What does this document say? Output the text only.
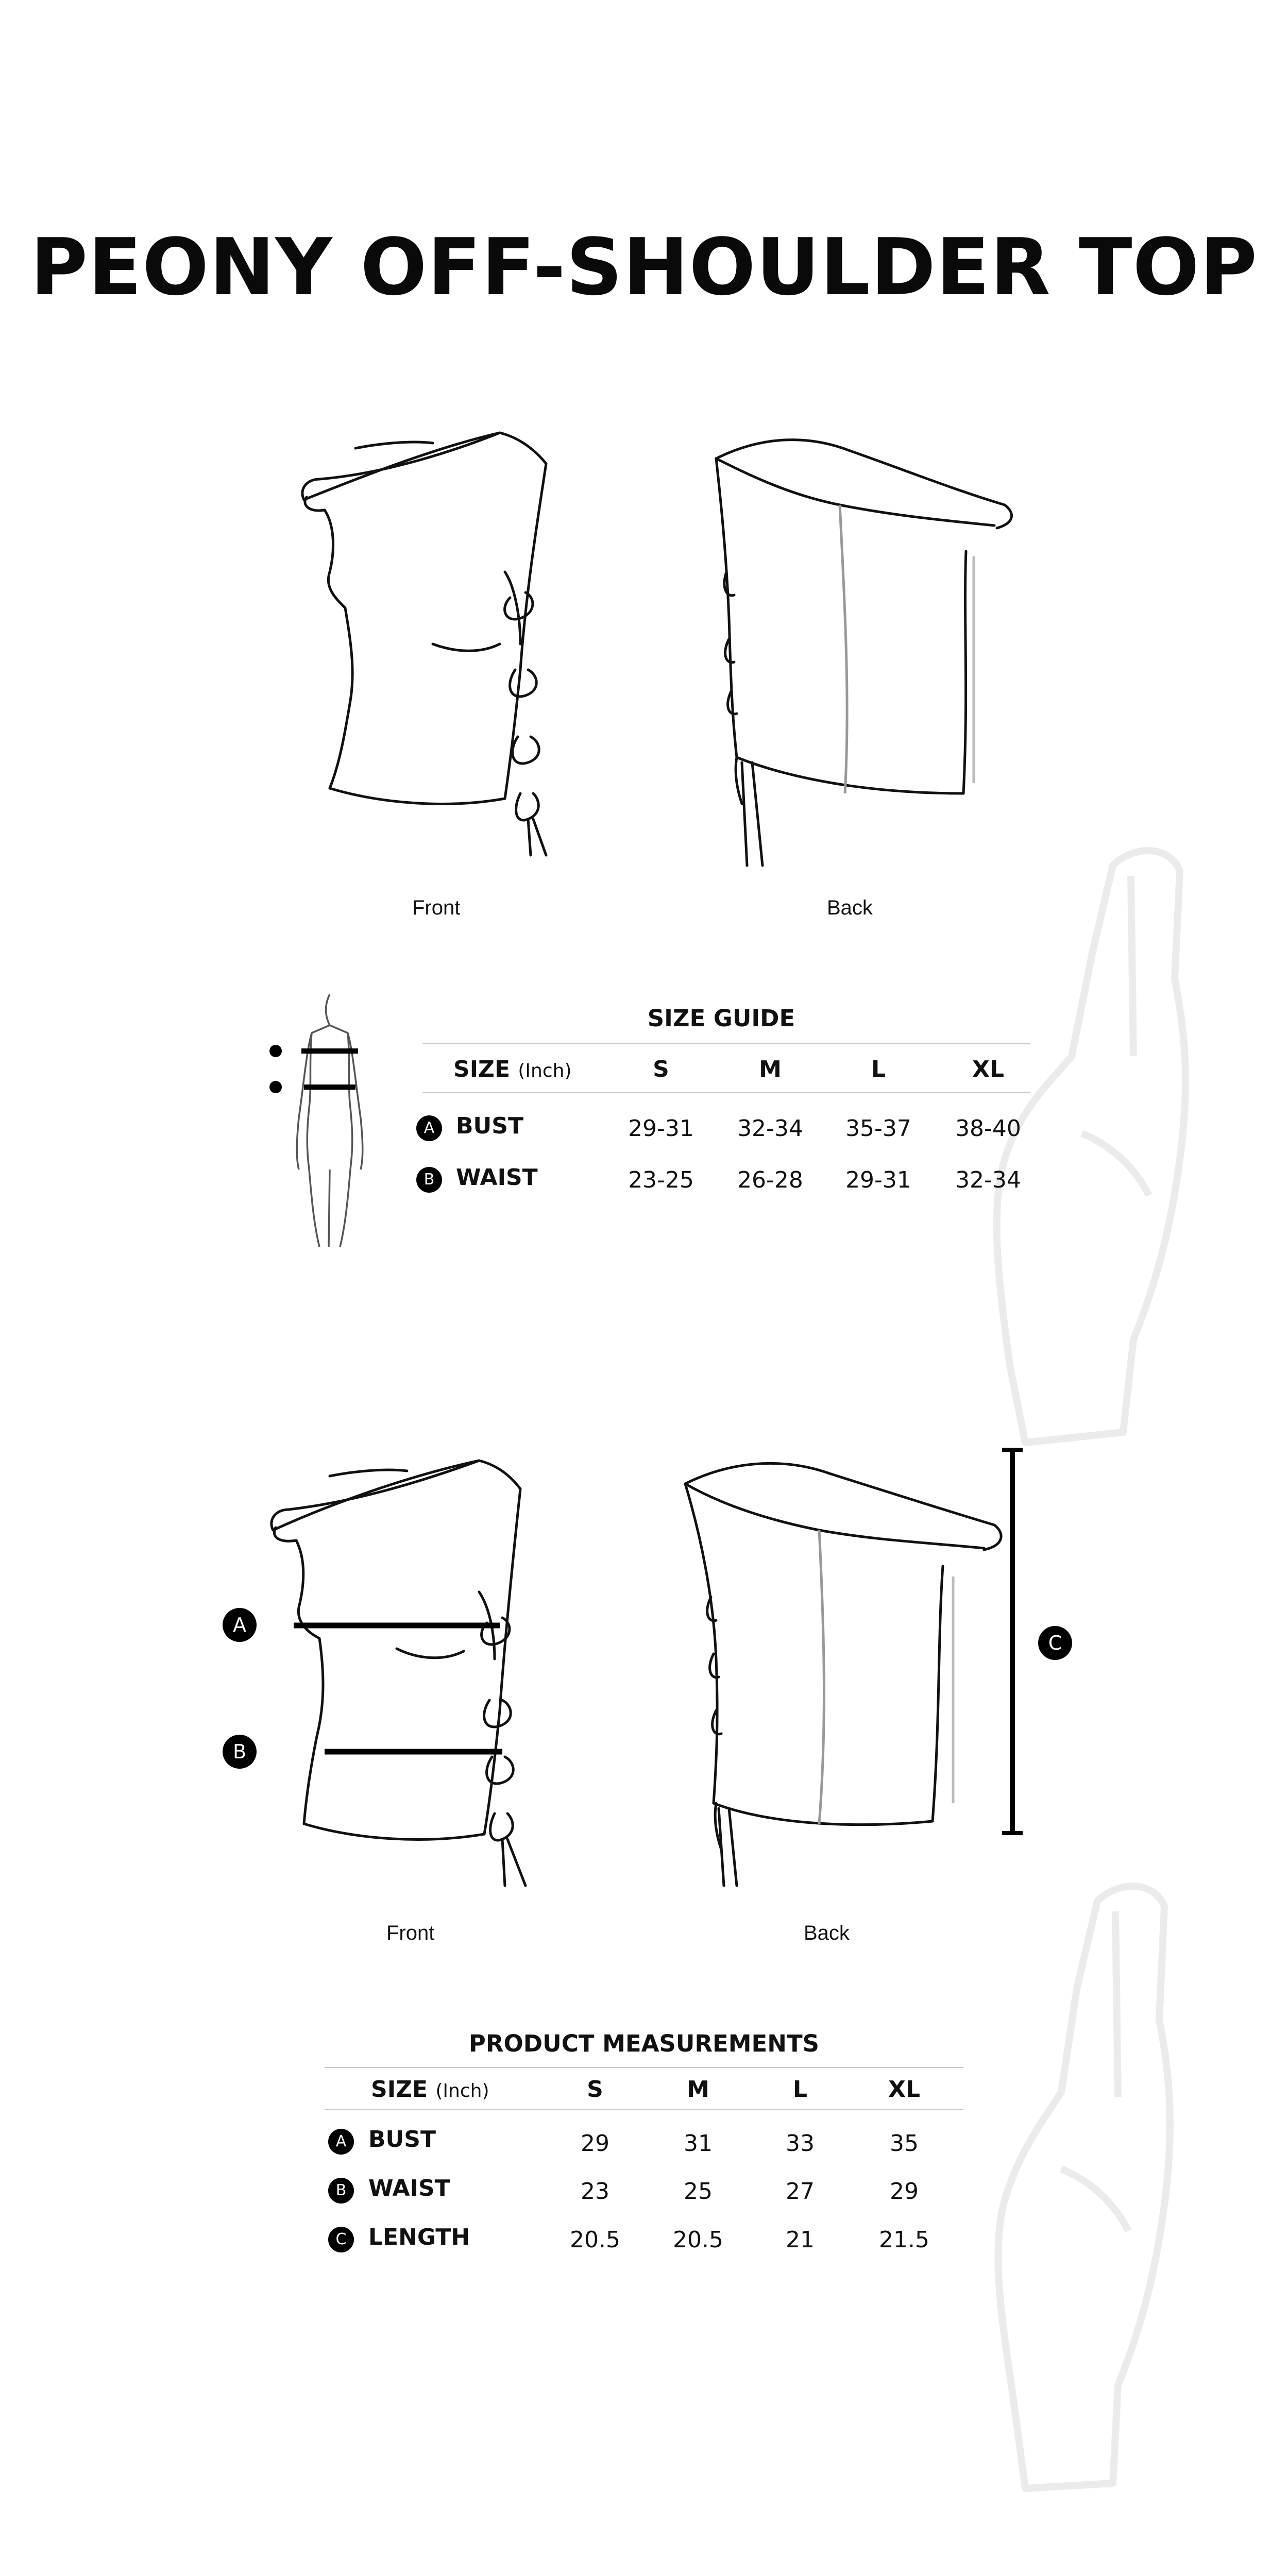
PEONY OFF-SHOULDER TOP
Front	Back
SIZE GUIDE
SIZE (Inch)	S	M	L	XL
A BUST	29-31	32-34	35-37	38-40
B WAIST	23-25	26-28	29-31	32-34
A
B
C
Front	Back
PRODUCT MEASUREMENTS
SIZE (Inch)	S	M	L	XL
A BUST	29	31	33	35
B WAIST	23	25	27	29
C LENGTH	20.5	20.5	21	21.5
